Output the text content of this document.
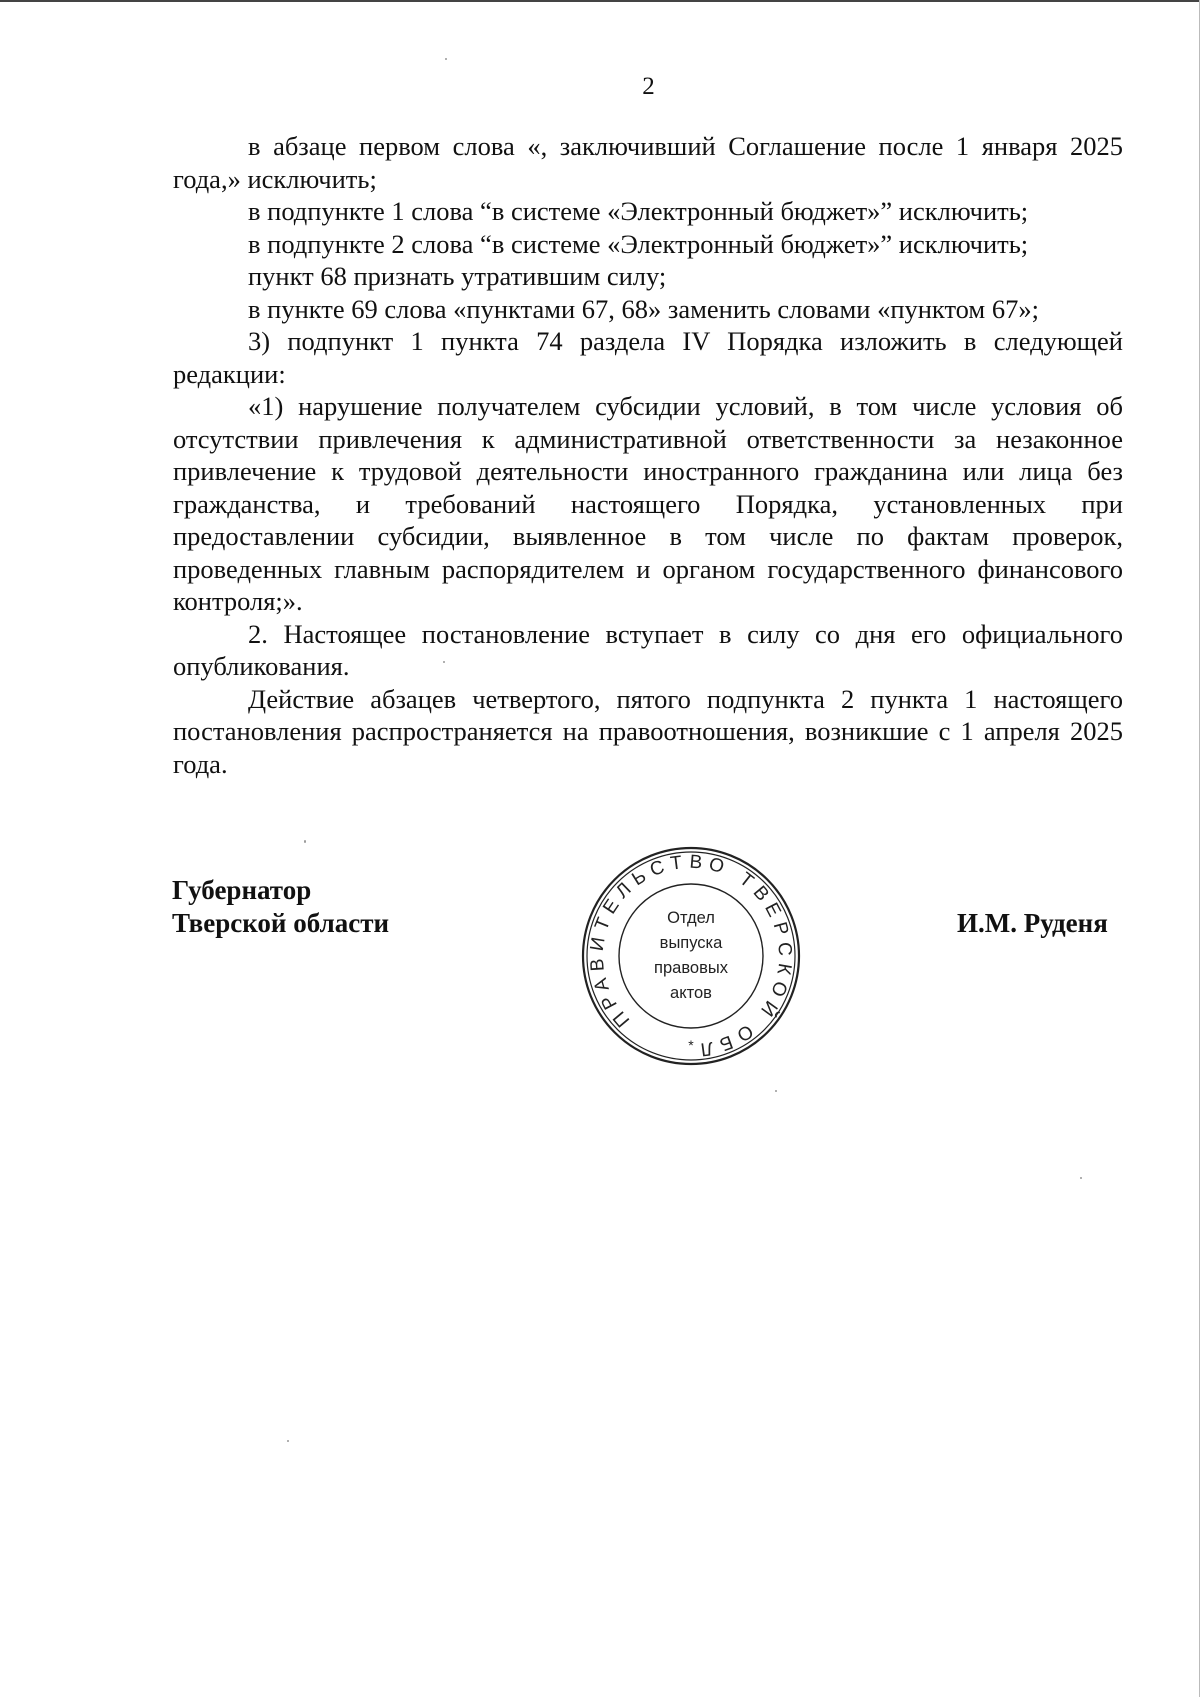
2

в абзаце первом слова «, заключивший Соглашение после 1 января 2025 года,» исключить;

в подпункте 1 слова “в системе «Электронный бюджет»” исключить;

в подпункте 2 слова “в системе «Электронный бюджет»” исключить;

пункт 68 признать утратившим силу;

в пункте 69 слова «пунктами 67, 68» заменить словами «пунктом 67»;

3) подпункт 1 пункта 74 раздела IV Порядка изложить в следующей редакции:

«1) нарушение получателем субсидии условий, в том числе условия об отсутствии привлечения к административной ответственности за незаконное привлечение к трудовой деятельности иностранного гражданина или лица без гражданства, и требований настоящего Порядка, установленных при предоставлении субсидии, выявленное в том числе по фактам проверок, проведенных главным распорядителем и органом государственного финансового контроля;».

2. Настоящее постановление вступает в силу со дня его официального опубликования.

Действие абзацев четвертого, пятого подпункта 2 пункта 1 настоящего постановления распространяется на правоотношения, возникшие с 1 апреля 2025 года.

Губернатор
Тверской области
ПРАВИТЕЛЬСТВО ТВЕРСКОЙ ОБЛ
*
Отдел
выпуска
правовых
актов
И.М. Руденя
